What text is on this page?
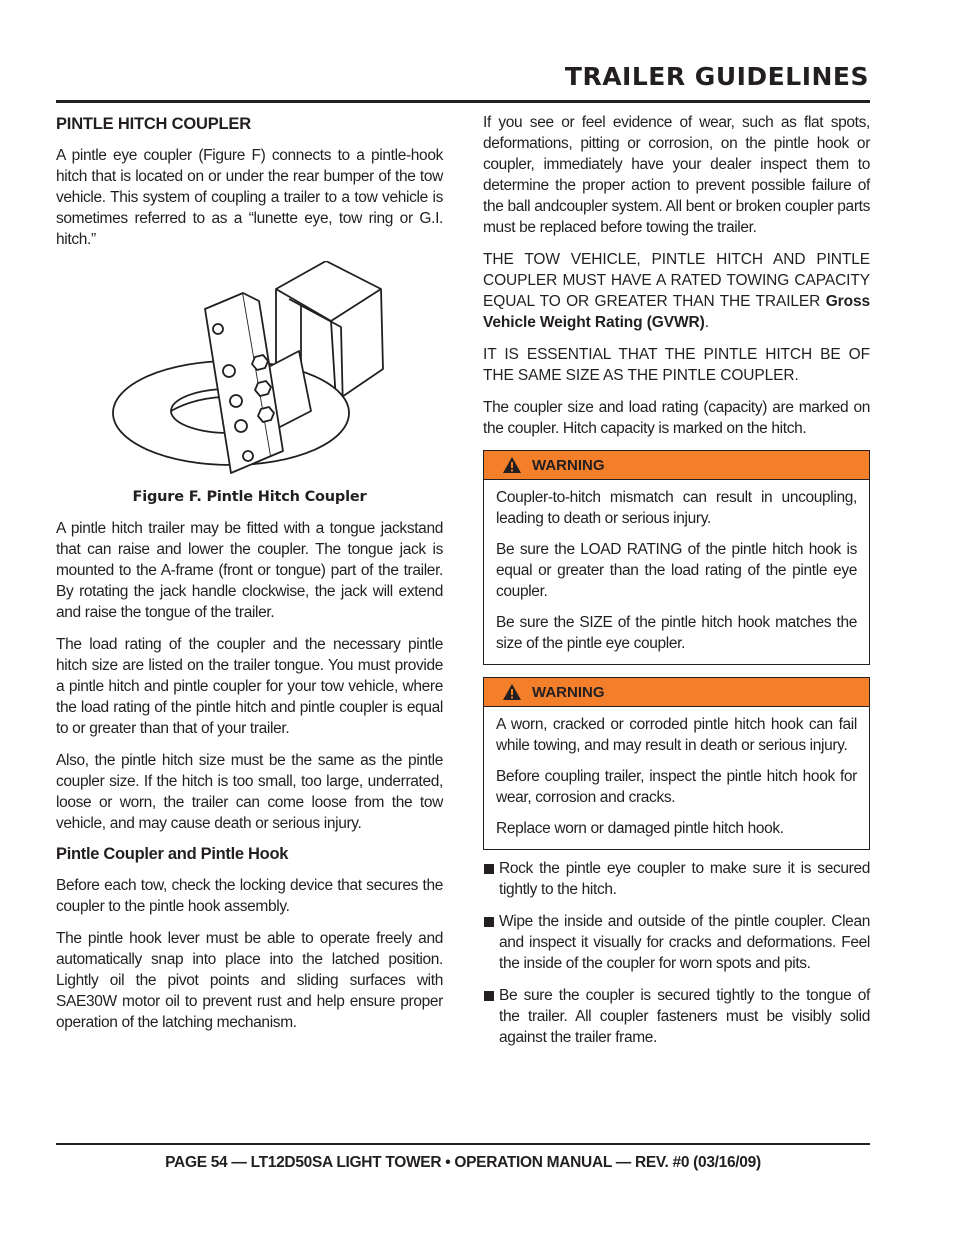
TRAILER GUIDELINES
PINTLE HITCH COUPLER

A pintle eye coupler (Figure F) connects to a pintle-hook hitch that is located on or under the rear bumper of the tow vehicle. This system of coupling a trailer to a tow vehicle is sometimes referred to as a “lunette eye, tow ring or G.I. hitch.”

Figure F. Pintle Hitch Coupler

A pintle hitch trailer may be fitted with a tongue jackstand that can raise and lower the coupler. The tongue jack is mounted to the A-frame (front or tongue) part of the trailer. By rotating the jack handle clockwise, the jack will extend and raise the tongue of the trailer.

The load rating of the coupler and the necessary pintle hitch size are listed on the trailer tongue. You must provide a pintle hitch and pintle coupler for your tow vehicle, where the load rating of the pintle hitch and pintle coupler is equal to or greater than that of your trailer.

Also, the pintle hitch size must be the same as the pintle coupler size. If the hitch is too small, too large, underrated, loose or worn, the trailer can come loose from the tow vehicle, and may cause death or serious injury.

Pintle Coupler and Pintle Hook

Before each tow, check the locking device that secures the coupler to the pintle hook assembly.

The pintle hook lever must be able to operate freely and automatically snap into place into the latched position. Lightly oil the pivot points and sliding surfaces with SAE30W motor oil to prevent rust and help ensure proper operation of the latching mechanism.

If you see or feel evidence of wear, such as flat spots, deformations, pitting or corrosion, on the pintle hook or coupler, immediately have your dealer inspect them to determine the proper action to prevent possible failure of the ball andcoupler system. All bent or broken coupler parts must be replaced before towing the trailer.

THE TOW VEHICLE, PINTLE HITCH AND PINTLE COUPLER MUST HAVE A RATED TOWING CAPACITY EQUAL TO OR GREATER THAN THE TRAILER Gross Vehicle Weight Rating (GVWR).

IT IS ESSENTIAL THAT THE PINTLE HITCH BE OF THE SAME SIZE AS THE PINTLE COUPLER.

The coupler size and load rating (capacity) are marked on the coupler. Hitch capacity is marked on the hitch.

WARNING

Coupler-to-hitch mismatch can result in uncoupling, leading to death or serious injury.

Be sure the LOAD RATING of the pintle hitch hook is equal or greater than the load rating of the pintle eye coupler.

Be sure the SIZE of the pintle hitch hook matches the size of the pintle eye coupler.

WARNING

A worn, cracked or corroded pintle hitch hook can fail while towing, and may result in death or serious injury.

Before coupling trailer, inspect the pintle hitch hook for wear, corrosion and cracks.

Replace worn or damaged pintle hitch hook.

Rock the pintle eye coupler to make sure it is secured tightly to the hitch.
Wipe the inside and outside of the pintle coupler. Clean and inspect it visually for cracks and deformations. Feel the inside of the coupler for worn spots and pits.
Be sure the coupler is secured tightly to the tongue of the trailer. All coupler fasteners must be visibly solid against the trailer frame.
PAGE 54 — LT12D50SA LIGHT TOWER • OPERATION MANUAL — REV. #0 (03/16/09)
